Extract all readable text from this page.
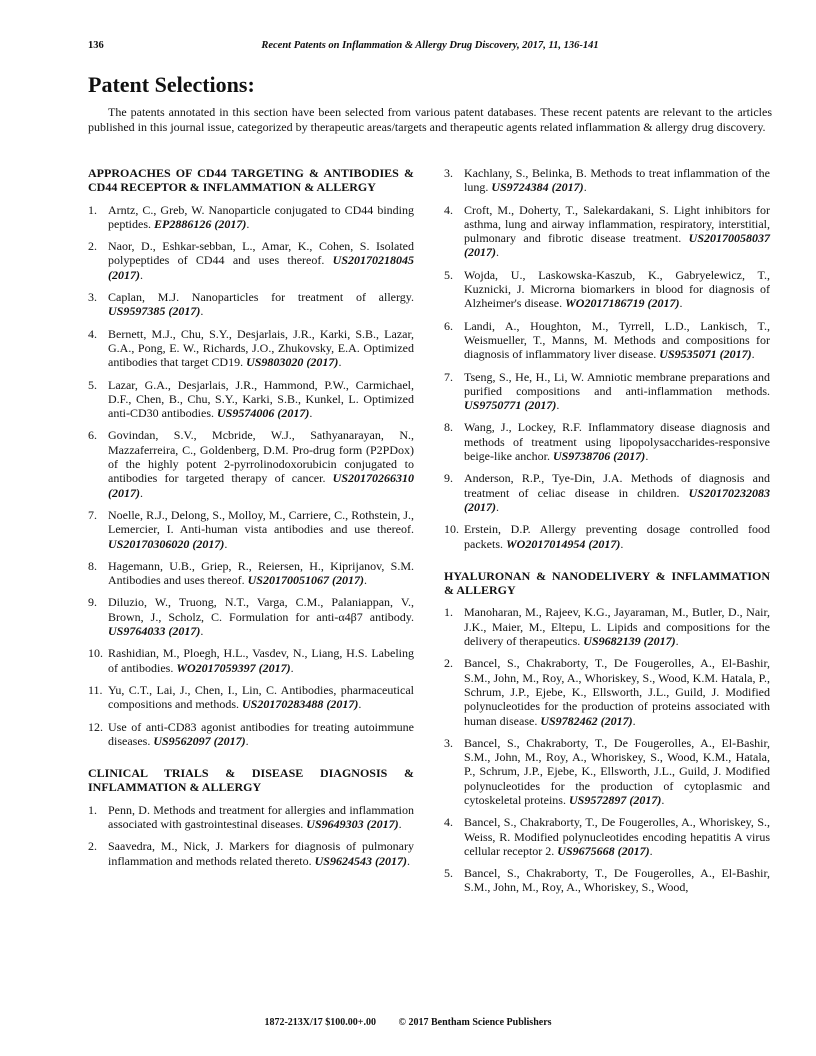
136	Recent Patents on Inflammation & Allergy Drug Discovery, 2017, 11, 136-141
Patent Selections:
The patents annotated in this section have been selected from various patent databases. These recent patents are relevant to the articles published in this journal issue, categorized by therapeutic areas/targets and therapeutic agents related inflammation & allergy drug discovery.
APPROACHES OF CD44 TARGETING & ANTIBODIES & CD44 RECEPTOR & INFLAMMATION & ALLERGY
1. Arntz, C., Greb, W. Nanoparticle conjugated to CD44 binding peptides. EP2886126 (2017).
2. Naor, D., Eshkar-sebban, L., Amar, K., Cohen, S. Isolated polypeptides of CD44 and uses thereof. US20170218045 (2017).
3. Caplan, M.J. Nanoparticles for treatment of allergy. US9597385 (2017).
4. Bernett, M.J., Chu, S.Y., Desjarlais, J.R., Karki, S.B., Lazar, G.A., Pong, E. W., Richards, J.O., Zhukovsky, E.A. Optimized antibodies that target CD19. US9803020 (2017).
5. Lazar, G.A., Desjarlais, J.R., Hammond, P.W., Carmichael, D.F., Chen, B., Chu, S.Y., Karki, S.B., Kunkel, L. Optimized anti-CD30 antibodies. US9574006 (2017).
6. Govindan, S.V., Mcbride, W.J., Sathyanarayan, N., Mazzaferreira, C., Goldenberg, D.M. Pro-drug form (P2PDox) of the highly potent 2-pyrrolinodoxorubicin conjugated to antibodies for targeted therapy of cancer. US20170266310 (2017).
7. Noelle, R.J., Delong, S., Molloy, M., Carriere, C., Rothstein, J., Lemercier, I. Anti-human vista antibodies and use thereof. US20170306020 (2017).
8. Hagemann, U.B., Griep, R., Reiersen, H., Kiprijanov, S.M. Antibodies and uses thereof. US20170051067 (2017).
9. Diluzio, W., Truong, N.T., Varga, C.M., Palaniappan, V., Brown, J., Scholz, C. Formulation for anti-α4β7 antibody. US9764033 (2017).
10. Rashidian, M., Ploegh, H.L., Vasdev, N., Liang, H.S. Labeling of antibodies. WO2017059397 (2017).
11. Yu, C.T., Lai, J., Chen, I., Lin, C. Antibodies, pharmaceutical compositions and methods. US20170283488 (2017).
12. Use of anti-CD83 agonist antibodies for treating autoimmune diseases. US9562097 (2017).
CLINICAL TRIALS & DISEASE DIAGNOSIS & INFLAMMATION & ALLERGY
1. Penn, D. Methods and treatment for allergies and inflammation associated with gastrointestinal diseases. US9649303 (2017).
2. Saavedra, M., Nick, J. Markers for diagnosis of pulmonary inflammation and methods related thereto. US9624543 (2017).
3. Kachlany, S., Belinka, B. Methods to treat inflammation of the lung. US9724384 (2017).
4. Croft, M., Doherty, T., Salekardakani, S. Light inhibitors for asthma, lung and airway inflammation, respiratory, interstitial, pulmonary and fibrotic disease treatment. US20170058037 (2017).
5. Wojda, U., Laskowska-Kaszub, K., Gabryelewicz, T., Kuznicki, J. Microrna biomarkers in blood for diagnosis of Alzheimer's disease. WO2017186719 (2017).
6. Landi, A., Houghton, M., Tyrrell, L.D., Lankisch, T., Weismueller, T., Manns, M. Methods and compositions for diagnosis of inflammatory liver disease. US9535071 (2017).
7. Tseng, S., He, H., Li, W. Amniotic membrane preparations and purified compositions and anti-inflammation methods. US9750771 (2017).
8. Wang, J., Lockey, R.F. Inflammatory disease diagnosis and methods of treatment using lipopolysaccharides-responsive beige-like anchor. US9738706 (2017).
9. Anderson, R.P., Tye-Din, J.A. Methods of diagnosis and treatment of celiac disease in children. US20170232083 (2017).
10. Erstein, D.P. Allergy preventing dosage controlled food packets. WO2017014954 (2017).
HYALURONAN & NANODELIVERY & INFLAMMATION & ALLERGY
1. Manoharan, M., Rajeev, K.G., Jayaraman, M., Butler, D., Nair, J.K., Maier, M., Eltepu, L. Lipids and compositions for the delivery of therapeutics. US9682139 (2017).
2. Bancel, S., Chakraborty, T., De Fougerolles, A., El-Bashir, S.M., John, M., Roy, A., Whoriskey, S., Wood, K.M. Hatala, P., Schrum, J.P., Ejebe, K., Ellsworth, J.L., Guild, J. Modified polynucleotides for the production of proteins associated with human disease. US9782462 (2017).
3. Bancel, S., Chakraborty, T., De Fougerolles, A., El-Bashir, S.M., John, M., Roy, A., Whoriskey, S., Wood, K.M., Hatala, P., Schrum, J.P., Ejebe, K., Ellsworth, J.L., Guild, J. Modified polynucleotides for the production of cytoplasmic and cytoskeletal proteins. US9572897 (2017).
4. Bancel, S., Chakraborty, T., De Fougerolles, A., Whoriskey, S., Weiss, R. Modified polynucleotides encoding hepatitis A virus cellular receptor 2. US9675668 (2017).
5. Bancel, S., Chakraborty, T., De Fougerolles, A., El-Bashir, S.M., John, M., Roy, A., Whoriskey, S., Wood,
1872-213X/17 $100.00+.00 © 2017 Bentham Science Publishers
